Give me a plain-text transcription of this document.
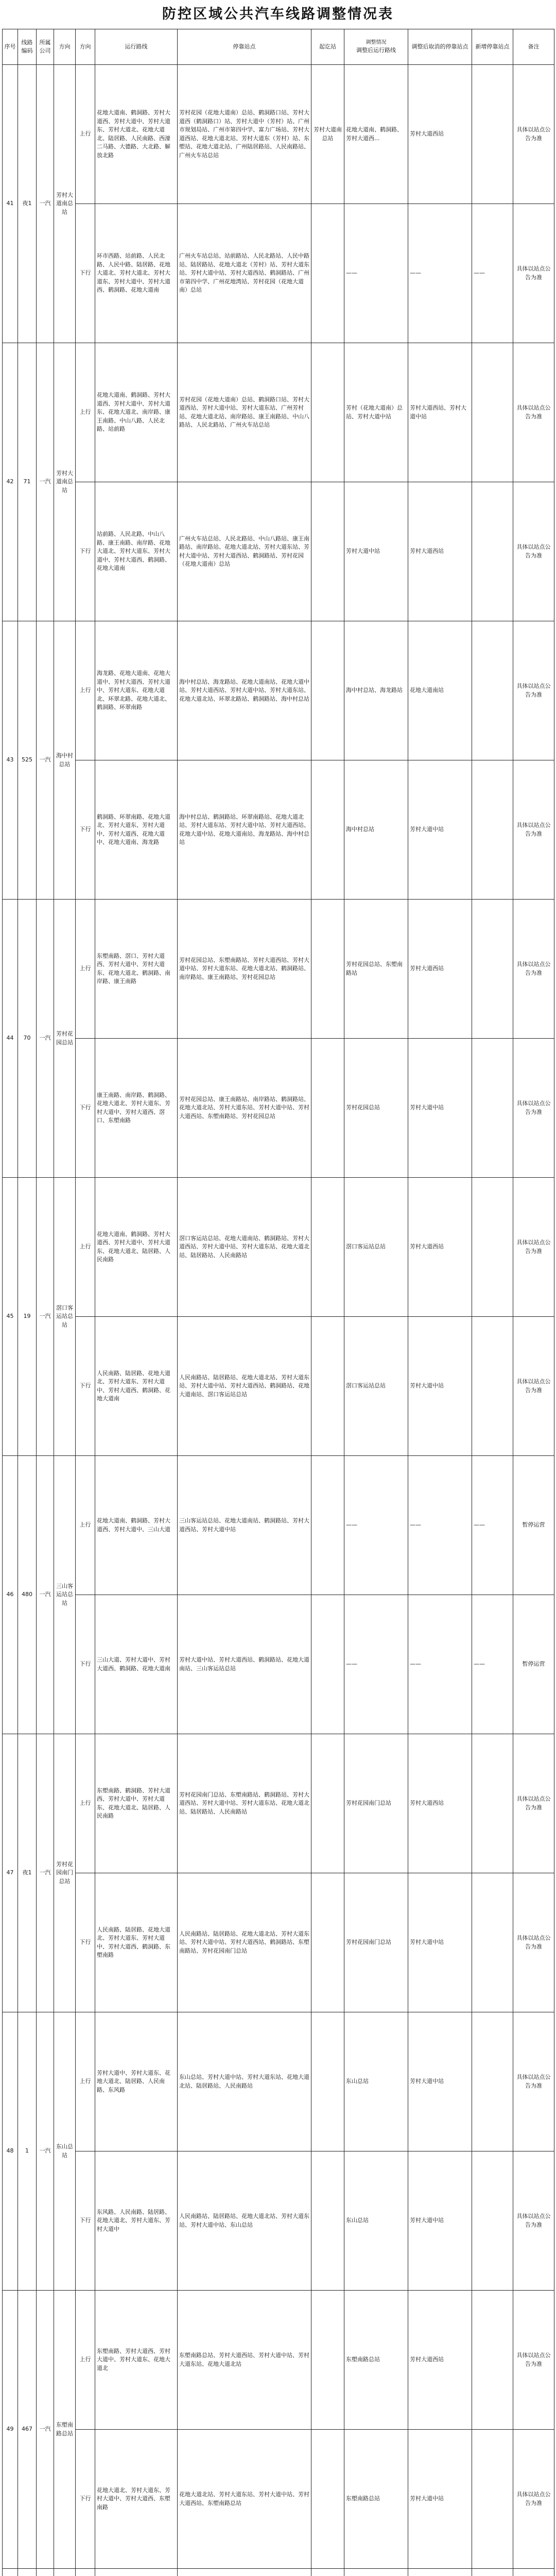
防控区域公共汽车线路调整情况表
序号	线路编码	所属公司	方向	方向	运行路线	停靠站点	起讫站	调整情况
调整后运行路线	调整后取消的停靠站点	新增停靠站点	备注
41	夜1	一汽	芳村大道南总站	上行	花地大道南、鹤洞路、芳村大道西、芳村大道中、芳村大道东、芳村大道北、花地大道北、陆居路、人民南路、西濠二马路、大德路、大北路、解放北路	芳村花园（花地大道南）总站、鹤洞路口站、芳村大道西（鹤洞路口）站、芳村大道中（芳村）站、广州市规划局站、广州市第四中学、富力广场站、芳村大道西站、花地大道北站、芳村大道东（芳村）站、东塱站、花地大道北站、广州陆居路站、人民南路站、广州火车站总站	芳村大道南总站	花地大道南、鹤洞路、芳村大道西...	芳村大道西站		具体以站点公告为准
				下行	环市西路、站前路、人民北路、人民中路、陆居路、花地大道北、芳村大道北、芳村大道东、芳村大道中、芳村大道西、鹤洞路、花地大道南	广州火车站总站、站前路站、人民北路站、人民中路站、陆居路站、花地大道北（芳村）站、芳村大道东站、芳村大道中站、芳村大道西站、鹤洞路站、广州市第四中学、广州花地湾站、芳村花园（花地大道南）总站		——	——	——	具体以站点公告为准
42	71	一汽	芳村大道南总站	上行	花地大道南、鹤洞路、芳村大道西、芳村大道中、芳村大道东、花地大道北、南岸路、康王南路、中山八路、人民北路、站前路	芳村花园（花地大道南）总站、鹤洞路口站、芳村大道西站、芳村大道中站、芳村大道东站、广州芳村站、花地大道北站、南岸路站、康王南路站、中山八路站、人民北路站、广州火车站总站		芳村（花地大道南）总站、芳村大道中站	芳村大道西站、芳村大道中站		具体以站点公告为准
				下行	站前路、人民北路、中山八路、康王南路、南岸路、花地大道北、芳村大道东、芳村大道中、芳村大道西、鹤洞路、花地大道南	广州火车站总站、人民北路站、中山八路站、康王南路站、南岸路站、花地大道北站、芳村大道东站、芳村大道中站、芳村大道西站、鹤洞路站、芳村花园（花地大道南）总站		芳村大道中站	芳村大道西站		具体以站点公告为准
43	525	一汽	海中村总站	上行	海龙路、花地大道南、花地大道中、芳村大道西、芳村大道中、芳村大道东、花地大道北、环翠北路、花地大道北、鹤洞路、环翠南路	海中村总站、海龙路站、花地大道南站、花地大道中站、芳村大道西站、芳村大道中站、芳村大道东站、花地大道北站、环翠北路站、鹤洞路站、海中村总站		海中村总站、海龙路站	花地大道南站		具体以站点公告为准
				下行	鹤洞路、环翠南路、花地大道北、芳村大道东、芳村大道中、芳村大道西、花地大道中、花地大道南、海龙路	海中村总站、鹤洞路站、环翠南路站、花地大道北站、芳村大道东站、芳村大道中站、芳村大道西站、花地大道中站、花地大道南站、海龙路站、海中村总站		海中村总站	芳村大道中站		具体以站点公告为准
44	70	一汽	芳村花园总站	上行	东塱南路、滘口、芳村大道西、芳村大道中、芳村大道东、花地大道北、鹤洞路、南岸路、康王南路	芳村花园总站、东塱南路站、芳村大道西站、芳村大道中站、芳村大道东站、花地大道北站、鹤洞路站、南岸路站、康王南路站、芳村花园总站		芳村花园总站、东塱南路站	芳村大道西站		具体以站点公告为准
				下行	康王南路、南岸路、鹤洞路、花地大道北、芳村大道东、芳村大道中、芳村大道西、滘口、东塱南路	芳村花园总站、康王南路站、南岸路站、鹤洞路站、花地大道北站、芳村大道东站、芳村大道中站、芳村大道西站、东塱南路站、芳村花园总站		芳村花园总站	芳村大道中站		具体以站点公告为准
45	19	一汽	滘口客运站总站	上行	花地大道南、鹤洞路、芳村大道西、芳村大道中、芳村大道东、花地大道北、陆居路、人民南路	滘口客运站总站、花地大道南站、鹤洞路站、芳村大道西站、芳村大道中站、芳村大道东站、花地大道北站、陆居路站、人民南路站		滘口客运站总站	芳村大道西站		具体以站点公告为准
				下行	人民南路、陆居路、花地大道北、芳村大道东、芳村大道中、芳村大道西、鹤洞路、花地大道南	人民南路站、陆居路站、花地大道北站、芳村大道东站、芳村大道中站、芳村大道西站、鹤洞路站、花地大道南站、滘口客运站总站		滘口客运站总站	芳村大道中站		具体以站点公告为准
46	480	一汽	三山客运站总站	上行	花地大道南、鹤洞路、芳村大道西、芳村大道中、三山大道	三山客运站总站、花地大道南站、鹤洞路站、芳村大道西站、芳村大道中站		——	——	——	暂停运营
				下行	三山大道、芳村大道中、芳村大道西、鹤洞路、花地大道南	芳村大道中站、芳村大道西站、鹤洞路站、花地大道南站、三山客运站总站		——	——	——	暂停运营
47	夜1	一汽	芳村花园南门总站	上行	东塱南路、鹤洞路、芳村大道西、芳村大道中、芳村大道东、花地大道北、陆居路、人民南路	芳村花园南门总站、东塱南路站、鹤洞路站、芳村大道西站、芳村大道中站、芳村大道东站、花地大道北站、陆居路站、人民南路站		芳村花园南门总站	芳村大道西站		具体以站点公告为准
				下行	人民南路、陆居路、花地大道北、芳村大道东、芳村大道中、芳村大道西、鹤洞路、东塱南路	人民南路站、陆居路站、花地大道北站、芳村大道东站、芳村大道中站、芳村大道西站、鹤洞路站、东塱南路站、芳村花园南门总站		芳村花园南门总站	芳村大道中站		具体以站点公告为准
48	1	一汽	东山总站	上行	芳村大道中、芳村大道东、花地大道北、陆居路、人民南路、东风路	东山总站、芳村大道中站、芳村大道东站、花地大道北站、陆居路站、人民南路站		东山总站	芳村大道中站		具体以站点公告为准
				下行	东风路、人民南路、陆居路、花地大道北、芳村大道东、芳村大道中	人民南路站、陆居路站、花地大道北站、芳村大道东站、芳村大道中站、东山总站		东山总站	芳村大道中站		具体以站点公告为准
49	467	一汽	东塱南路总站	上行	东塱南路、芳村大道西、芳村大道中、芳村大道东、花地大道北	东塱南路总站、芳村大道西站、芳村大道中站、芳村大道东站、花地大道北站		东塱南路总站	芳村大道西站		具体以站点公告为准
				下行	花地大道北、芳村大道东、芳村大道中、芳村大道西、东塱南路	花地大道北站、芳村大道东站、芳村大道中站、芳村大道西站、东塱南路总站		东塱南路总站	芳村大道中站		具体以站点公告为准
